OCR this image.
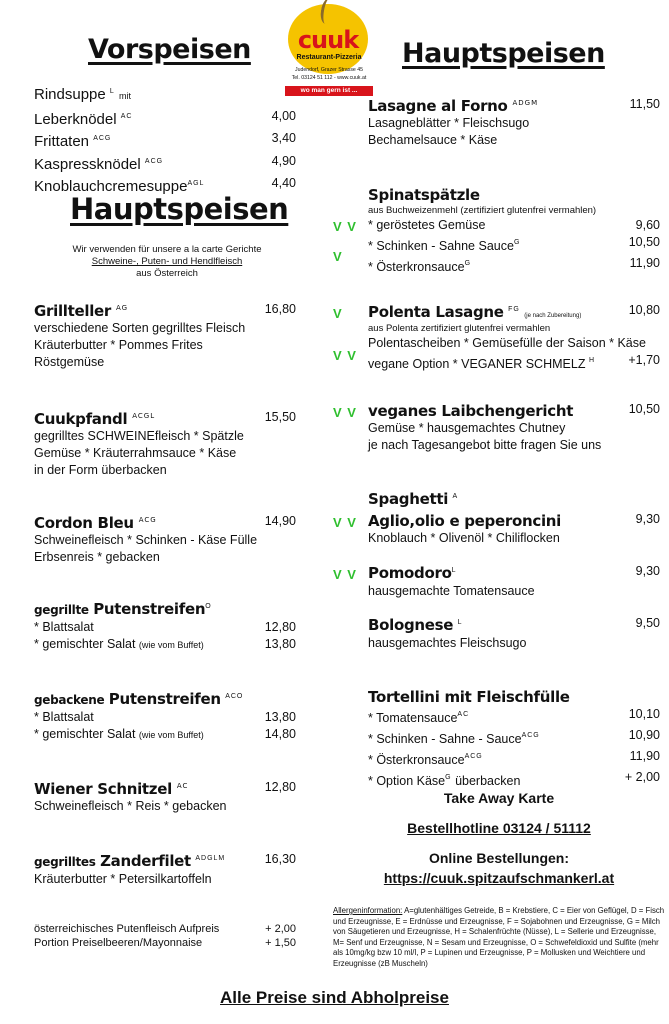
cuuk
Restaurant-Pizzeria
Judendorf, Grazer Strasse 45
Tel. 03124 51 112 - www.cuuk.at
wo man gern ist ...
Vorspeisen
Rindsuppe $^L$ mit
Leberknödel $^{AC}$	4,00
Frittaten $^{ACG}$	3,40
Kaspressknödel $^{ACG}$	4,90
Knoblauchcremesuppe$^{AGL}$	4,40
Hauptspeisen
Wir verwenden für unsere a la carte Gerichte
Schweine-, Puten- und Hendlfleisch
aus Österreich
Grillteller $^{AG}$	16,80
verschiedene Sorten gegrilltes Fleisch
Kräuterbutter * Pommes Frites
Röstgemüse
Cuukpfandl $^{ACGL}$	15,50
gegrilltes SCHWEINEfleisch * Spätzle
Gemüse * Kräuterrahmsauce * Käse
in der Form überbacken
Cordon Bleu $^{ACG}$	14,90
Schweinefleisch * Schinken - Käse Fülle
Erbsenreis * gebacken
gegrillte Putenstreifen$^O$
* Blattsalat	12,80
* gemischter Salat (wie vom Buffet)	13,80
gebackene Putenstreifen $^{ACO}$
* Blattsalat	13,80
* gemischter Salat (wie vom Buffet)	14,80
Wiener Schnitzel $^{AC}$	12,80
Schweinefleisch * Reis * gebacken
gegrilltes Zanderfilet $^{ADGLM}$	16,30
Kräuterbutter * Petersilkartoffeln
österreichisches Putenfleisch Aufpreis	+ 2,00
Portion Preiselbeeren/Mayonnaise	+ 1,50
Hauptspeisen
Lasagne al Forno $^{ADGM}$	11,50
Lasagneblätter * Fleischsugo
Bechamelsauce * Käse
Spinatspätzle
aus Buchweizenmehl (zertifiziert glutenfrei vermahlen)
* geröstetes Gemüse	9,60
* Schinken - Sahne Sauce$^G$	10,50
* Österkronsauce$^G$	11,90
V V
V
V Polenta Lasagne $^{FG}$ (je nach Zubereitung)	10,80
aus Polenta zertifiziert glutenfrei vermahlen
Polentascheiben * Gemüsefülle der Saison * Käse
vegane Option * VEGANER SCHMELZ $^H$	+1,70
V V
V V veganes Laibchengericht	10,50
Gemüse * hausgemachtes Chutney
je nach Tagesangebot bitte fragen Sie uns
Spaghetti $^A$
V V Aglio,olio e peperoncini	9,30
Knoblauch * Olivenöl * Chiliflocken
V V Pomodoro$^L$	9,30
hausgemachte Tomatensauce
Bolognese $^L$	9,50
hausgemachtes Fleischsugo
Tortellini mit Fleischfülle
* Tomatensauce$^{AC}$	10,10
* Schinken - Sahne - Sauce$^{ACG}$	10,90
* Österkronsauce$^{ACG}$	11,90
* Option Käse$^G$ überbacken	+ 2,00
Take Away Karte
Bestellhotline 03124 / 51112
Online Bestellungen:
https://cuuk.spitzaufschmankerl.at
Allergeninformation: A=glutenhältiges Getreide, B = Krebstiere, C = Eier von Geflügel, D = Fisch und Erzeugnisse, E = Erdnüsse und Erzeugnisse, F = Sojabohnen und Erzeugnisse, G = Milch von Säugetieren und Erzeugnisse, H = Schalenfrüchte (Nüsse), L = Sellerie und Erzeugnisse, M= Senf und Erzeugnisse, N = Sesam und Erzeugnisse, O = Schwefeldioxid und Sulfite (mehr als 10mg/kg bzw 10 ml/l, P = Lupinen und Erzeugnisse, P = Mollusken und Weichtiere und Erzeugnisse (zB Muscheln)
Alle Preise sind Abholpreise
